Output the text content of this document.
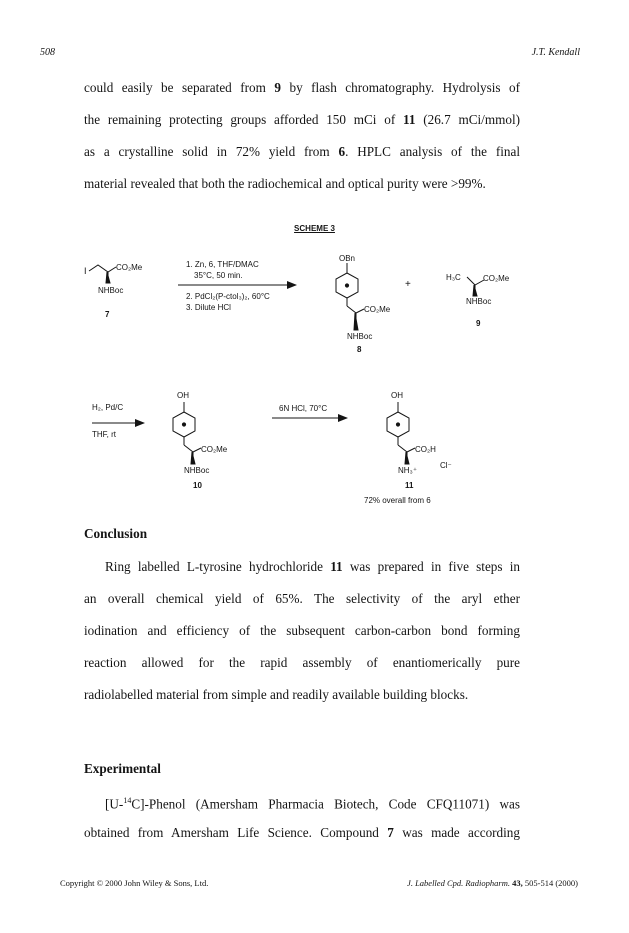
508	J.T. Kendall
could easily be separated from 9 by flash chromatography. Hydrolysis of
the remaining protecting groups afforded 150 mCi of 11 (26.7 mCi/mmol)
as a crystalline solid in 72% yield from 6. HPLC analysis of the final
material revealed that both the radiochemical and optical purity were >99%.
SCHEME 3
I	CO₂Me
NHBoc
7
1. Zn, 6, THF/DMAC
35°C, 50 min.
2. PdCl₂(P-ctol₃)₂, 60°C
3. Dilute HCl
OBn
CO₂Me
NHBoc
8
+
H₃C	CO₂Me
NHBoc
9
H₂, Pd/C
THF, rt
OH
CO₂Me
NHBoc
10
6N HCl, 70°C
OH
CO₂H
NH₃⁺
Cl⁻
11
72% overall from 6
Conclusion
Ring labelled L-tyrosine hydrochloride 11 was prepared in five steps in
an overall chemical yield of 65%. The selectivity of the aryl ether
iodination and efficiency of the subsequent carbon-carbon bond forming
reaction allowed for the rapid assembly of enantiomerically pure
radiolabelled material from simple and readily available building blocks.
Experimental
[U-$^{14}$C]-Phenol (Amersham Pharmacia Biotech, Code CFQ11071) was
obtained from Amersham Life Science. Compound 7 was made according
Copyright © 2000 John Wiley & Sons, Ltd.	J. Labelled Cpd. Radiopharm. 43, 505-514 (2000)
